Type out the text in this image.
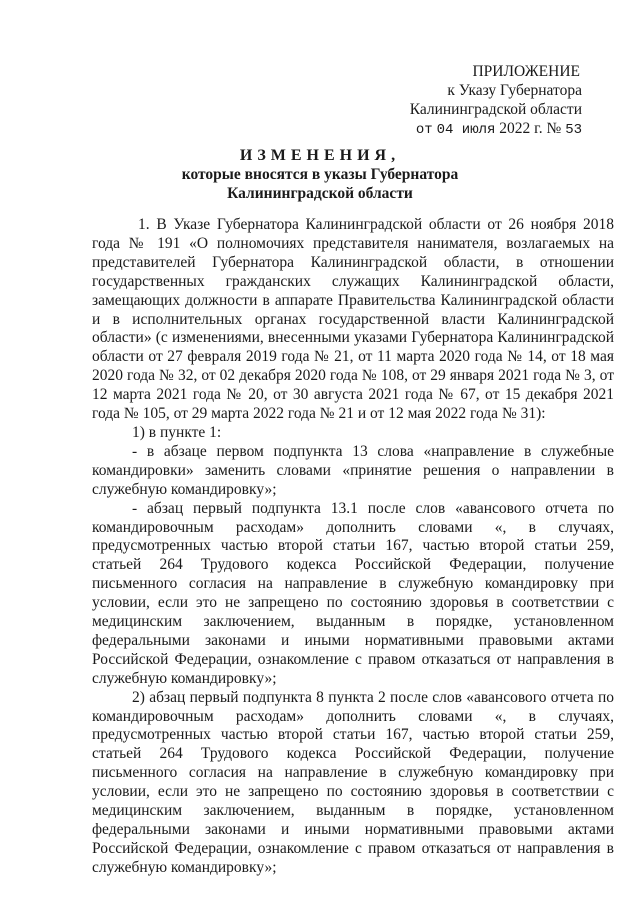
ПРИЛОЖЕНИЕ
к Указу Губернатора
Калининградской области
от 04 июля 2022 г. № 53
ИЗМЕНЕНИЯ,
которые вносятся в указы Губернатора
Калининградской области

1. В Указе Губернатора Калининградской области от 26 ноября 2018 года № 191 «О полномочиях представителя нанимателя, возлагаемых на представителей Губернатора Калининградской области, в отношении государственных гражданских служащих Калининградской области, замещающих должности в аппарате Правительства Калининградской области и в исполнительных органах государственной власти Калининградской области» (с изменениями, внесенными указами Губернатора Калининградской области от 27 февраля 2019 года № 21, от 11 марта 2020 года № 14, от 18 мая 2020 года № 32, от 02 декабря 2020 года № 108, от 29 января 2021 года № 3, от 12 марта 2021 года № 20, от 30 августа 2021 года № 67, от 15 декабря 2021 года № 105, от 29 марта 2022 года № 21 и от 12 мая 2022 года № 31):

1) в пункте 1:

- в абзаце первом подпункта 13 слова «направление в служебные командировки» заменить словами «принятие решения о направлении в служебную командировку»;

- абзац первый подпункта 13.1 после слов «авансового отчета по командировочным расходам» дополнить словами «, в случаях, предусмотренных частью второй статьи 167, частью второй статьи 259, статьей 264 Трудового кодекса Российской Федерации, получение письменного согласия на направление в служебную командировку при условии, если это не запрещено по состоянию здоровья в соответствии с медицинским заключением, выданным в порядке, установленном федеральными законами и иными нормативными правовыми актами Российской Федерации, ознакомление с правом отказаться от направления в служебную командировку»;

2) абзац первый подпункта 8 пункта 2 после слов «авансового отчета по командировочным расходам» дополнить словами «, в случаях, предусмотренных частью второй статьи 167, частью второй статьи 259, статьей 264 Трудового кодекса Российской Федерации, получение письменного согласия на направление в служебную командировку при условии, если это не запрещено по состоянию здоровья в соответствии с медицинским заключением, выданным в порядке, установленном федеральными законами и иными нормативными правовыми актами Российской Федерации, ознакомление с правом отказаться от направления в служебную командировку»;
